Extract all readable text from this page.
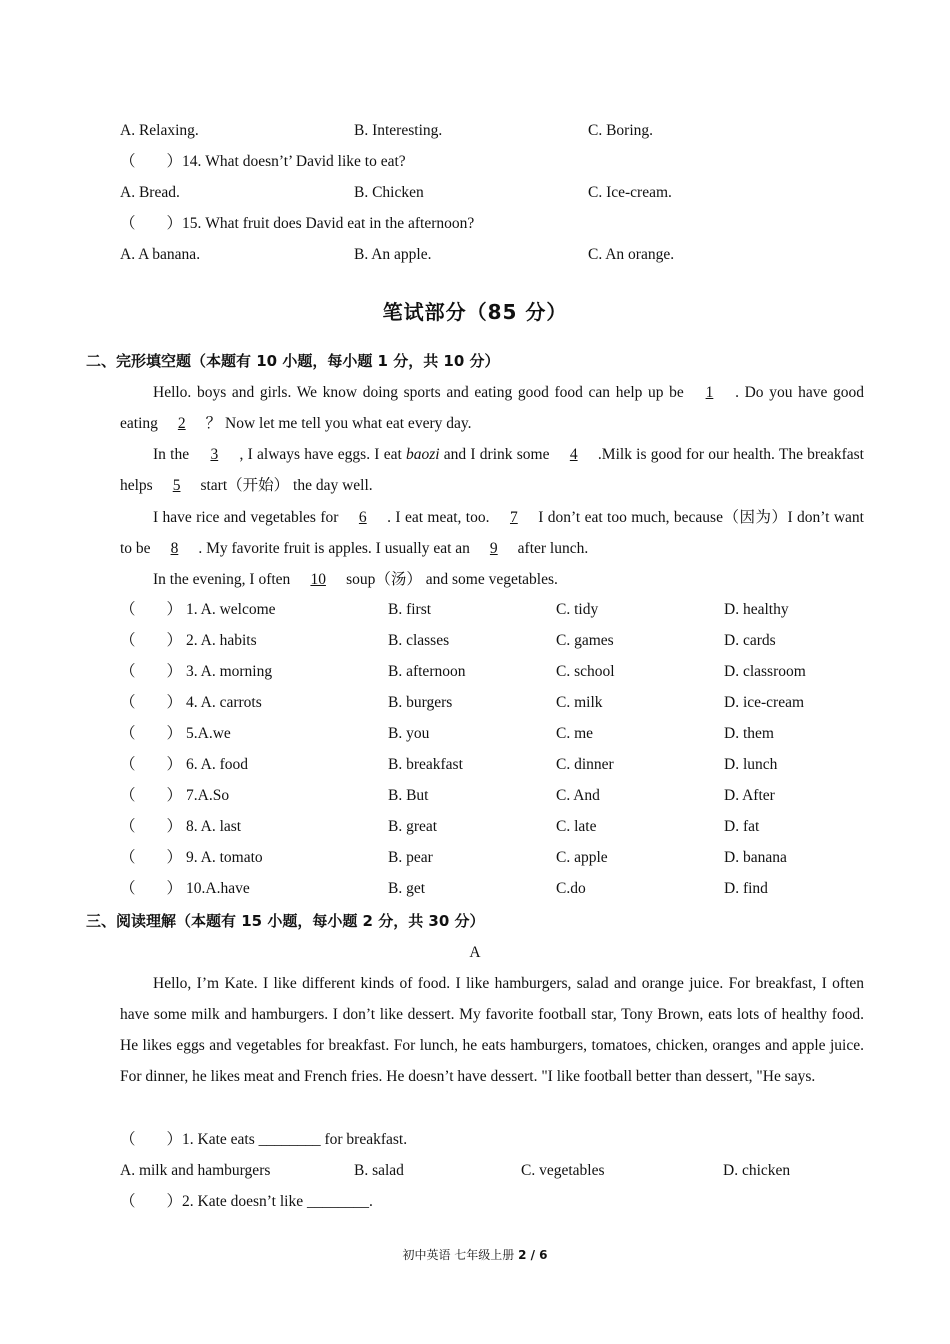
A. Relaxing.	B. Interesting.	C. Boring.
（　　）14. What doesn’t’ David like to eat?
A. Bread.	B. Chicken	C. Ice-cream.
（　　）15. What fruit does David eat in the afternoon?
A. A banana.	B. An apple.	C. An orange.
笔试部分（85 分）
二、完形填空题（本题有 10 小题，每小题 1 分，共 10 分）
Hello. boys and girls. We know doing sports and eating good food can help up be 1 . Do you have good eating 2 ？ Now let me tell you what eat every day.
In the 3 , I always have eggs. I eat baozi and I drink some 4 .Milk is good for our health. The breakfast helps 5 start（开始） the day well.
I have rice and vegetables for 6 . I eat meat, too. 7 I don’t eat too much, because（因为）I don’t want to be 8 . My favorite fruit is apples. I usually eat an 9 after lunch.
In the evening, I often 10 soup（汤） and some vegetables.
（　　） 1. A. welcome	B. first	C. tidy	D. healthy
（　　） 2. A. habits	B. classes	C. games	D. cards
（　　） 3. A. morning	B. afternoon	C. school	D. classroom
（　　） 4. A. carrots	B. burgers	C. milk	D. ice-cream
（　　） 5.A.we	B. you	C. me	D. them
（　　） 6. A. food	B. breakfast	C. dinner	D. lunch
（　　） 7.A.So	B. But	C. And	D. After
（　　） 8. A. last	B. great	C. late	D. fat
（　　） 9. A. tomato	B. pear	C. apple	D. banana
（　　） 10.A.have	B. get	C.do	D. find
三、阅读理解（本题有 15 小题，每小题 2 分，共 30 分）
A
Hello, I’m Kate. I like different kinds of food. I like hamburgers, salad and orange juice. For breakfast, I often have some milk and hamburgers. I don’t like dessert. My favorite football star, Tony Brown, eats lots of healthy food. He likes eggs and vegetables for breakfast. For lunch, he eats hamburgers, tomatoes, chicken, oranges and apple juice. For dinner, he likes meat and French fries. He doesn’t have dessert. "I like football better than dessert, "He says.
（　　）1. Kate eats ________ for breakfast.
A. milk and hamburgers	B. salad	C. vegetables	D. chicken
（　　）2. Kate doesn’t like ________.
初中英语 七年级上册 2 / 6
